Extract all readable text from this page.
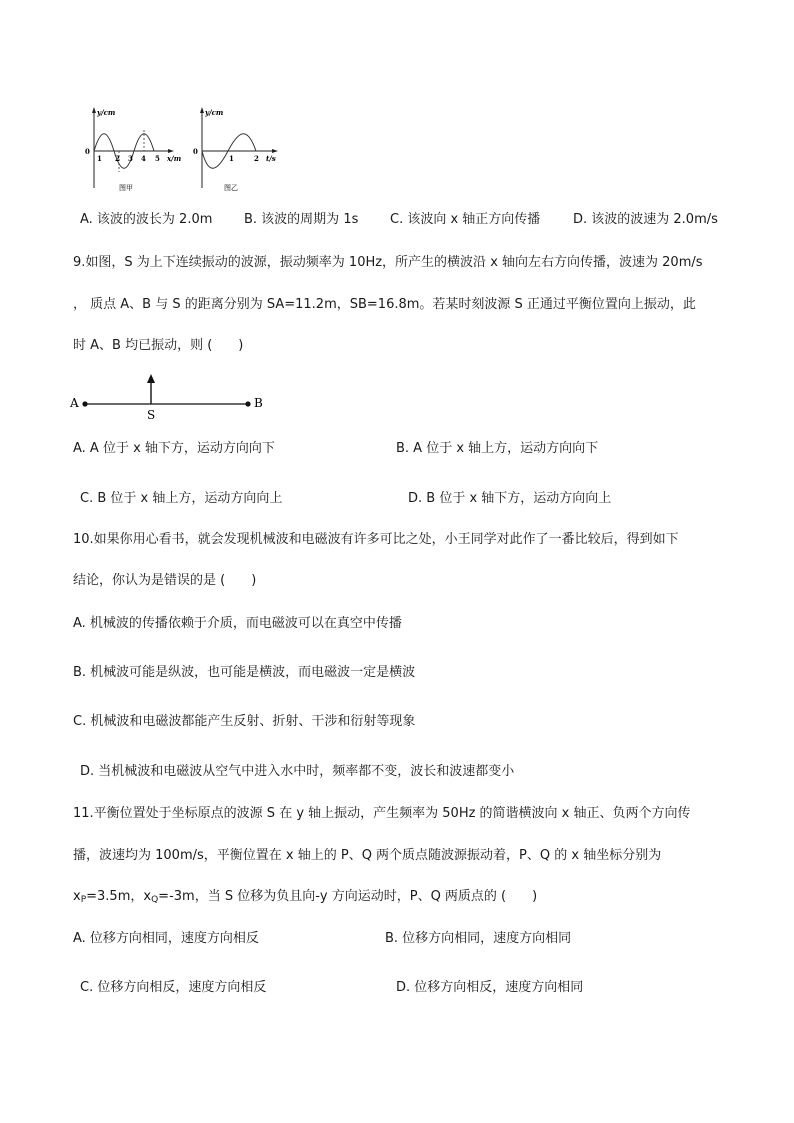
y/cm
0
1 2 3 4 5 x/m
图甲
y/cm
0
1	2 t/s
图乙
A. 该波的波长为 2.0m B. 该波的周期为 1s C. 该波向 x 轴正方向传播	D. 该波的波速为 2.0m/s
9.如图，S 为上下连续振动的波源，振动频率为 10Hz，所产生的横波沿 x 轴向左右方向传播，波速为 20m/s
， 质点 A、B 与 S 的距离分别为 SA=11.2m，SB=16.8m。若某时刻波源 S 正通过平衡位置向上振动，此
时 A、B 均已振动，则 (　　)
A
S
B
A. A 位于 x 轴下方，运动方向向下	B. A 位于 x 轴上方，运动方向向下
C. B 位于 x 轴上方，运动方向向上	D. B 位于 x 轴下方，运动方向向上
10.如果你用心看书，就会发现机械波和电磁波有许多可比之处，小王同学对此作了一番比较后，得到如下
结论，你认为是错误的是 (　　)
A. 机械波的传播依赖于介质，而电磁波可以在真空中传播
B. 机械波可能是纵波，也可能是横波，而电磁波一定是横波
C. 机械波和电磁波都能产生反射、折射、干涉和衍射等现象
D. 当机械波和电磁波从空气中进入水中时，频率都不变，波长和波速都变小
11.平衡位置处于坐标原点的波源 S 在 y 轴上振动，产生频率为 50Hz 的简谐横波向 x 轴正、负两个方向传
播，波速均为 100m/s，平衡位置在 x 轴上的 P、Q 两个质点随波源振动着，P、Q 的 x 轴坐标分别为
$x_P=3.5m$，$x_Q=-3m$，当 S 位移为负且向-y 方向运动时，P、Q 两质点的 (　　)
A. 位移方向相同，速度方向相反	B. 位移方向相同，速度方向相同
C. 位移方向相反，速度方向相反	D. 位移方向相反，速度方向相同
